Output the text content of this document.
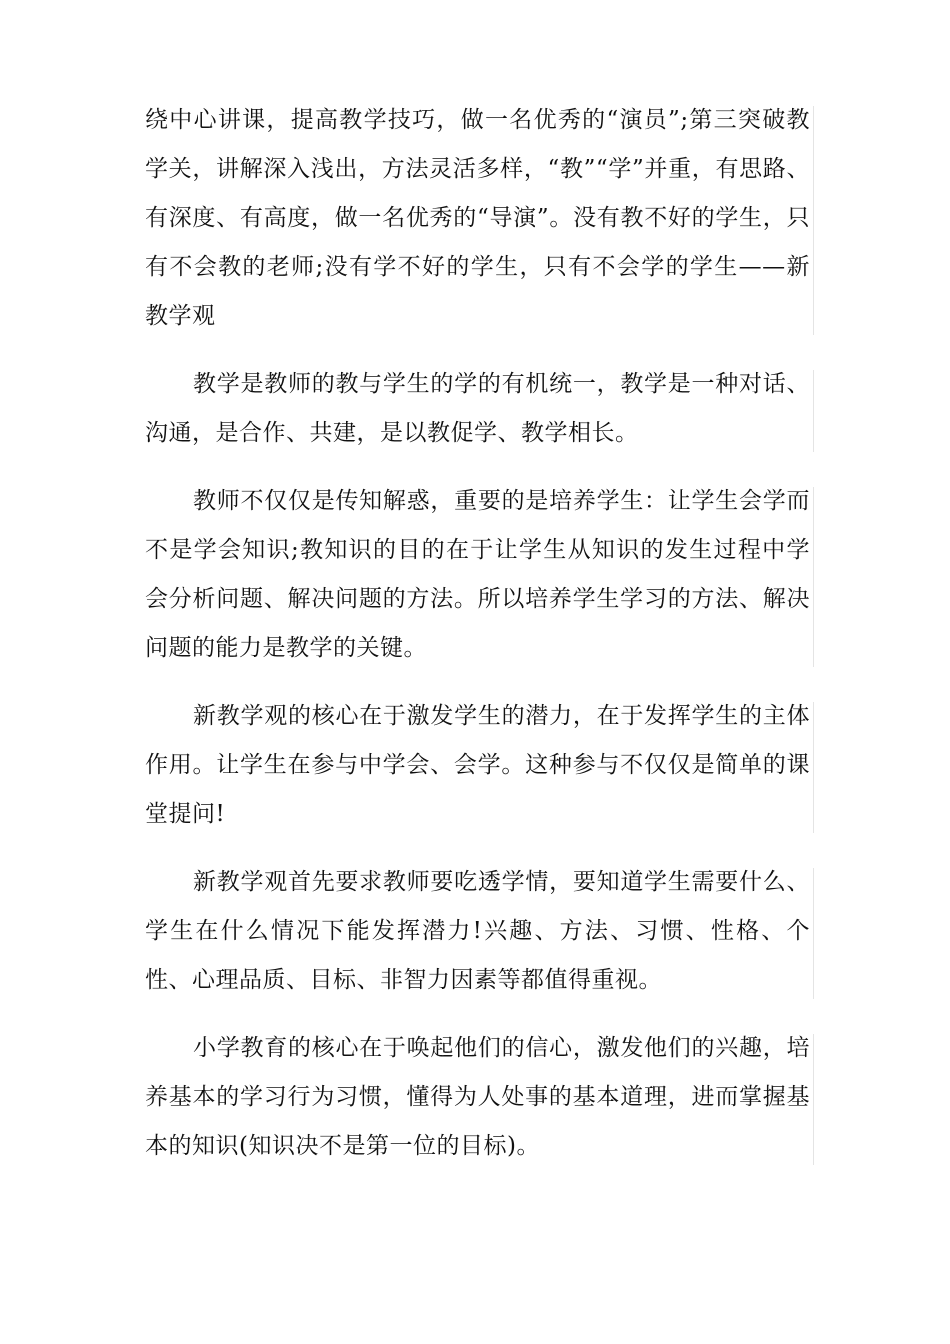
绕中心讲课，提高教学技巧，做一名优秀的“演员”;第三突破教学关，讲解深入浅出，方法灵活多样，“教”“学”并重，有思路、有深度、有高度，做一名优秀的“导演”。没有教不好的学生，只有不会教的老师;没有学不好的学生，只有不会学的学生——新教学观

教学是教师的教与学生的学的有机统一，教学是一种对话、沟通，是合作、共建，是以教促学、教学相长。

教师不仅仅是传知解惑，重要的是培养学生：让学生会学而不是学会知识;教知识的目的在于让学生从知识的发生过程中学会分析问题、解决问题的方法。所以培养学生学习的方法、解决问题的能力是教学的关键。

新教学观的核心在于激发学生的潜力，在于发挥学生的主体作用。让学生在参与中学会、会学。这种参与不仅仅是简单的课堂提问!

新教学观首先要求教师要吃透学情，要知道学生需要什么、学生在什么情况下能发挥潜力!兴趣、方法、习惯、性格、个性、心理品质、目标、非智力因素等都值得重视。

小学教育的核心在于唤起他们的信心，激发他们的兴趣，培养基本的学习行为习惯，懂得为人处事的基本道理，进而掌握基本的知识(知识决不是第一位的目标)。
